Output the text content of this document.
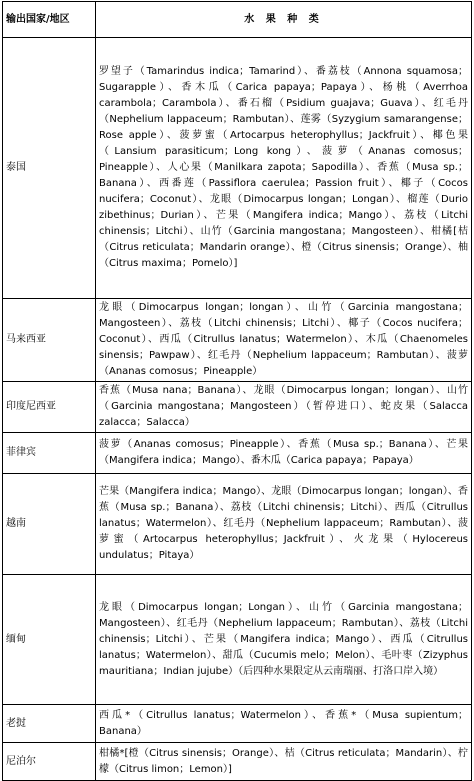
输出国家/地区	水 果 种 类
泰国	罗望子（Tamarindus indica；Tamarind）、番荔枝（Annona squamosa；Sugarapple）、香木瓜（Carica papaya；Papaya）、杨桃（Averrhoa carambola；Carambola）、番石榴（Psidium guajava；Guava）、红毛丹（Nephelium lappaceum；Rambutan）、莲雾（Syzygium samarangense；Rose apple）、菠萝蜜（Artocarpus heterophyllus；Jackfruit）、椰色果（Lansium parasiticum；Long kong）、菠萝（Ananas comosus；Pineapple）、人心果（Manilkara zapota；Sapodilla）、香蕉（Musa sp.；Banana）、西番莲（Passiflora caerulea；Passion fruit）、椰子（Cocos nucifera；Coconut）、龙眼（Dimocarpus longan；Longan）、榴莲（Durio zibethinus；Durian）、芒果（Mangifera indica；Mango）、荔枝（Litchi chinensis；Litchi）、山竹（Garcinia mangostana；Mangosteen）、柑橘[桔（Citrus reticulata；Mandarin orange）、橙（Citrus sinensis；Orange）、柚（Citrus maxima；Pomelo）]
马来西亚	龙眼（Dimocarpus longan；longan）、山竹（Garcinia mangostana；Mangosteen）、荔枝（Litchi chinensis；Litchi）、椰子（Cocos nucifera；Coconut）、西瓜（Citrullus lanatus；Watermelon）、木瓜（Chaenomeles sinensis；Pawpaw）、红毛丹（Nephelium lappaceum；Rambutan）、菠萝（Ananas comosus；Pineapple）
印度尼西亚	香蕉（Musa nana；Banana）、龙眼（Dimocarpus longan；longan）、山竹（Garcinia mangostana；Mangosteen）（暂停进口）、蛇皮果（Salacca zalacca；Salacca）
菲律宾	菠萝（Ananas comosus；Pineapple）、香蕉（Musa sp.；Banana）、芒果（Mangifera indica；Mango）、番木瓜（Carica papaya；Papaya）
越南	芒果（Mangifera indica；Mango）、龙眼（Dimocarpus longan；longan）、香蕉（Musa sp.；Banana）、荔枝（Litchi chinensis；Litchi）、西瓜（Citrullus lanatus；Watermelon）、红毛丹（Nephelium lappaceum；Rambutan）、菠萝蜜（Artocarpus heterophyllus；Jackfruit）、火龙果（Hylocereus undulatus；Pitaya）
缅甸	龙眼（Dimocarpus longan；Longan）、山竹（Garcinia mangostana；Mangosteen）、红毛丹（Nephelium lappaceum；Rambutan）、荔枝（Litchi chinensis；Litchi）、芒果（Mangifera indica；Mango）、西瓜（Citrullus lanatus；Watermelon）、甜瓜（Cucumis melo；Melon）、毛叶枣（Zizyphus mauritiana；Indian jujube）（后四种水果限定从云南瑞丽、打洛口岸入境）
老挝	西瓜*（Citrullus lanatus；Watermelon）、香蕉*（Musa supientum；Banana）
尼泊尔	柑橘*[橙（Citrus sinensis；Orange）、桔（Citrus reticulata；Mandarin）、柠檬（Citrus limon；Lemon）]
